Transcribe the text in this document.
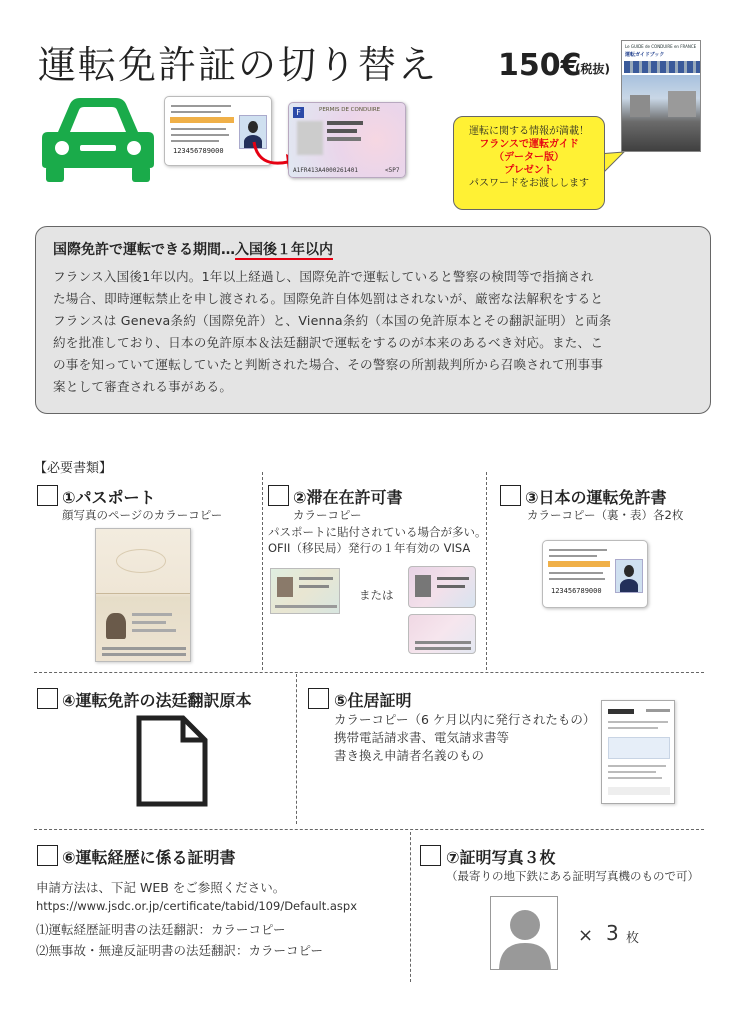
運転免許証の切り替え 150€
(税抜)
123456789000
F	PERMIS DE CONDUIRE
A1FR413A4000261401	<5P7
運転に関する情報が満載！
フランスで運転ガイド
（データー版）
プレゼント
パスワードをお渡しします
Le GUIDE de CONDUIRE en FRANCE
運転ガイドブック
国際免許で運転できる期間…入国後１年以内
フランス入国後1年以内。1年以上経過し、国際免許で運転していると警察の検問等で指摘され
た場合、即時運転禁止を申し渡される。国際免許自体処罰はされないが、厳密な法解釈をすると
フランスは Geneva条約（国際免許）と、Vienna条約（本国の免許原本とその翻訳証明）と両条
約を批准しており、日本の免許原本＆法廷翻訳で運転をするのが本来のあるべき対応。また、こ
の事を知っていて運転していたと判断された場合、その警察の所割裁判所から召喚されて刑事事
案として審査される事がある。
【必要書類】
①パスポート
顔写真のページのカラーコピー
②滞在在許可書
カラーコピー
パスポートに貼付されている場合が多い。
OFII（移民局）発行の１年有効の VISA
または
③日本の運転免許書
カラーコピー（裏・表）各2枚
123456789000
④運転免許の法廷翻訳原本	⑤住居証明
カラーコピー（6 ケ月以内に発行されたもの）
携帯電話請求書、電気請求書等
書き換え申請者名義のもの
⑥運転経歴に係る証明書
申請方法は、下記 WEB をご参照ください。
https://www.jsdc.or.jp/certificate/tabid/109/Default.aspx
⑴運転経歴証明書の法廷翻訳：カラーコピー
⑵無事故・無違反証明書の法廷翻訳：カラーコピー
⑦証明写真３枚
（最寄りの地下鉄にある証明写真機のもので可）
× 3 枚
